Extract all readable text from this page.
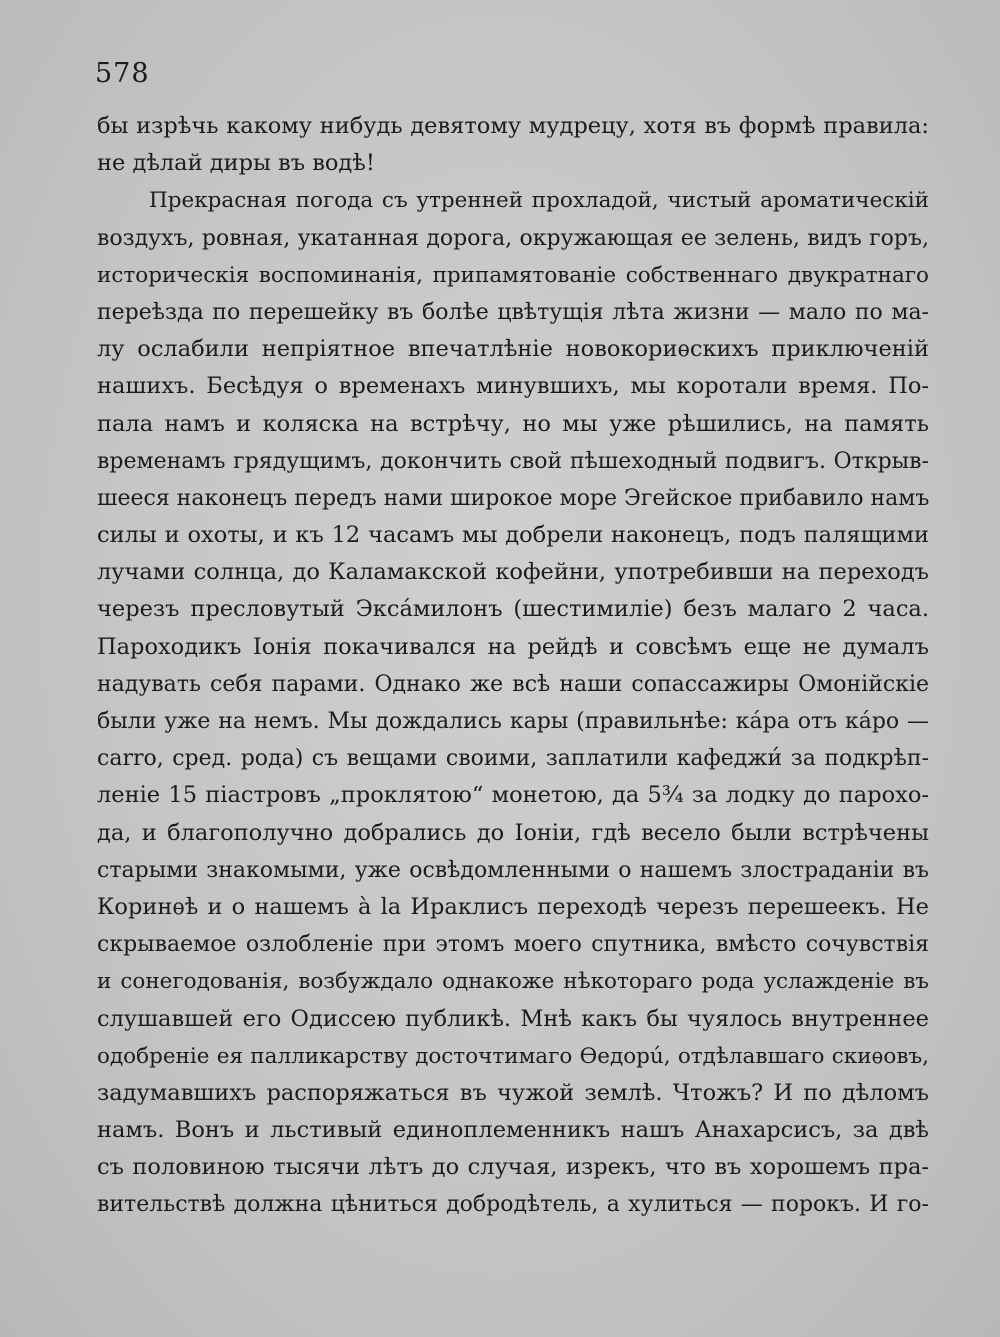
578
бы изрѣчь какому нибудь девятому мудрецу, хотя въ формѣ правила:
не дѣлай диры въ водѣ!
Прекрасная погода съ утренней прохладой, чистый ароматическій
воздухъ, ровная, укатанная дорога, окружающая ее зелень, видъ горъ,
историческія воспоминанія, припамятованіе собственнаго двукратнаго
переѣзда по перешейку въ болѣе цвѣтущія лѣта жизни — мало по ма-
лу ослабили непріятное впечатлѣніе новокориѳскихъ приключеній
нашихъ. Бесѣдуя о временахъ минувшихъ, мы коротали время. По-
пала намъ и коляска на встрѣчу, но мы уже рѣшились, на память
временамъ грядущимъ, докончить свой пѣшеходный подвигъ. Открыв-
шееся наконецъ передъ нами широкое море Эгейское прибавило намъ
силы и охоты, и къ 12 часамъ мы добрели наконецъ, подъ палящими
лучами солнца, до Каламакской кофейни, употребивши на переходъ
черезъ пресловутый Эксáмилонъ (шестимиліе) безъ малаго 2 часа.
Пароходикъ Іонія покачивался на рейдѣ и совсѣмъ еще не думалъ
надувать себя парами. Однако же всѣ наши сопассажиры Омонійскіе
были уже на немъ. Мы дождались кары (правильнѣе: кáра отъ кáро —
carro, сред. рода) съ вещами своими, заплатили кафеджи́ за подкрѣп-
леніе 15 піастровъ „проклятою“ монетою, да 5¾ за лодку до парохо-
да, и благополучно добрались до Іоніи, гдѣ весело были встрѣчены
старыми знакомыми, уже освѣдомленными о нашемъ злостраданіи въ
Коринѳѣ и о нашемъ à la Ираклисъ переходѣ черезъ перешеекъ. Не
скрываемое озлобленіе при этомъ моего спутника, вмѣсто сочувствія
и сонегодованія, возбуждало однакоже нѣкотораго рода услажденіе въ
слушавшей его Одиссею публикѣ. Мнѣ какъ бы чуялось внутреннее
одобреніе ея палликарству досточтимаго Ѳедорú, отдѣлавшаго скиѳовъ,
задумавшихъ распоряжаться въ чужой землѣ. Чтожъ? И по дѣломъ
намъ. Вонъ и льстивый единоплеменникъ нашъ Анахарсисъ, за двѣ
съ половиною тысячи лѣтъ до случая, изрекъ, что въ хорошемъ пра-
вительствѣ должна цѣниться добродѣтель, а хулиться — порокъ. И го-
